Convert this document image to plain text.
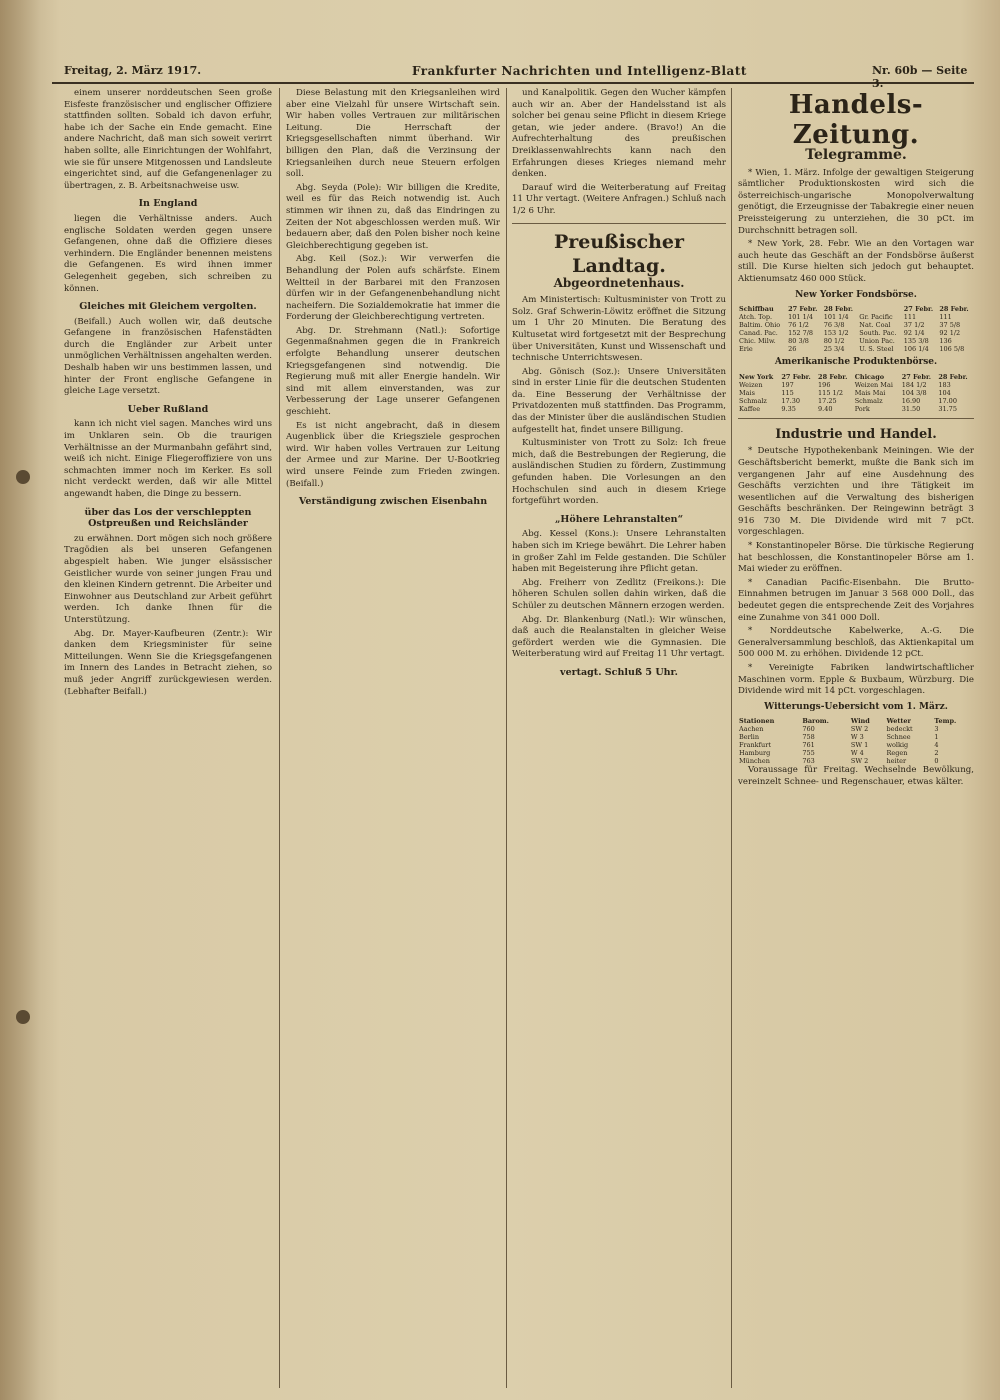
Freitag, 2. März 1917.	Frankfurter Nachrichten und Intelligenz-Blatt	Nr. 60b — Seite 3.

einem unserer norddeutschen Seen große Eisfeste französischer und englischer Offiziere stattfinden sollten. Sobald ich davon erfuhr, habe ich der Sache ein Ende gemacht. Eine andere Nachricht, daß man sich soweit verirrt haben sollte, alle Einrichtungen der Wohlfahrt, wie sie für unsere Mitgenossen und Landsleute eingerichtet sind, auf die Gefangenenlager zu übertragen, z. B. Arbeitsnachweise usw.

In England

liegen die Verhältnisse anders. Auch englische Soldaten werden gegen unsere Gefangenen, ohne daß die Offiziere dieses verhindern. Die Engländer benennen meistens die Gefangenen. Es wird ihnen immer Gelegenheit gegeben, sich schreiben zu können.

Gleiches mit Gleichem vergolten.

(Beifall.) Auch wollen wir, daß deutsche Gefangene in französischen Hafenstädten durch die Engländer zur Arbeit unter unmöglichen Verhältnissen angehalten werden. Deshalb haben wir uns bestimmen lassen, und hinter der Front englische Gefangene in gleiche Lage versetzt.

Ueber Rußland

kann ich nicht viel sagen. Manches wird uns im Unklaren sein. Ob die traurigen Verhältnisse an der Murmanbahn gefährt sind, weiß ich nicht. Einige Fliegeroffiziere von uns schmachten immer noch im Kerker. Es soll nicht verdeckt werden, daß wir alle Mittel angewandt haben, die Dinge zu bessern.

über das Los der verschleppten Ostpreußen und Reichsländer

zu erwähnen. Dort mögen sich noch größere Tragödien als bei unseren Gefangenen abgespielt haben. Wie junger elsässischer Geistlicher wurde von seiner jungen Frau und den kleinen Kindern getrennt. Die Arbeiter und Einwohner aus Deutschland zur Arbeit geführt werden. Ich danke Ihnen für die Unterstützung.

Abg. Dr. Mayer-Kaufbeuren (Zentr.): Wir danken dem Kriegsminister für seine Mitteilungen. Wenn Sie die Kriegsgefangenen im Innern des Landes in Betracht ziehen, so muß jeder Angriff zurückgewiesen werden. (Lebhafter Beifall.)

Diese Belastung mit den Kriegsanleihen wird aber eine Vielzahl für unsere Wirtschaft sein. Wir haben volles Vertrauen zur militärischen Leitung. Die Herrschaft der Kriegsgesellschaften nimmt überhand. Wir billigen den Plan, daß die Verzinsung der Kriegsanleihen durch neue Steuern erfolgen soll.

Abg. Seyda (Pole): Wir billigen die Kredite, weil es für das Reich notwendig ist. Auch stimmen wir ihnen zu, daß das Eindringen zu Zeiten der Not abgeschlossen werden muß. Wir bedauern aber, daß den Polen bisher noch keine Gleichberechtigung gegeben ist.

Abg. Keil (Soz.): Wir verwerfen die Behandlung der Polen aufs schärfste. Einem Weltteil in der Barbarei mit den Franzosen dürfen wir in der Gefangenenbehandlung nicht nacheifern. Die Sozialdemokratie hat immer die Forderung der Gleichberechtigung vertreten.

Abg. Dr. Strehmann (Natl.): Sofortige Gegenmaßnahmen gegen die in Frankreich erfolgte Behandlung unserer deutschen Kriegsgefangenen sind notwendig. Die Regierung muß mit aller Energie handeln. Wir sind mit allem einverstanden, was zur Verbesserung der Lage unserer Gefangenen geschieht.

Es ist nicht angebracht, daß in diesem Augenblick über die Kriegsziele gesprochen wird. Wir haben volles Vertrauen zur Leitung der Armee und zur Marine. Der U-Bootkrieg wird unsere Feinde zum Frieden zwingen. (Beifall.)

Verständigung zwischen Eisenbahn

und Kanalpolitik. Gegen den Wucher kämpfen auch wir an. Aber der Handelsstand ist als solcher bei genau seine Pflicht in diesem Kriege getan, wie jeder andere. (Bravo!) An die Aufrechterhaltung des preußischen Dreiklassenwahlrechts kann nach den Erfahrungen dieses Krieges niemand mehr denken.

Darauf wird die Weiterberatung auf Freitag 11 Uhr vertagt. (Weitere Anfragen.) Schluß nach 1/2 6 Uhr.

Preußischer Landtag.
Abgeordnetenhaus.

Am Ministertisch: Kultusminister von Trott zu Solz. Graf Schwerin-Löwitz eröffnet die Sitzung um 1 Uhr 20 Minuten. Die Beratung des Kultusetat wird fortgesetzt mit der Besprechung über Universitäten, Kunst und Wissenschaft und technische Unterrichtswesen.

Abg. Gönisch (Soz.): Unsere Universitäten sind in erster Linie für die deutschen Studenten da. Eine Besserung der Verhältnisse der Privatdozenten muß stattfinden. Das Programm, das der Minister über die ausländischen Studien aufgestellt hat, findet unsere Billigung.

Kultusminister von Trott zu Solz: Ich freue mich, daß die Bestrebungen der Regierung, die ausländischen Studien zu fördern, Zustimmung gefunden haben. Die Vorlesungen an den Hochschulen sind auch in diesem Kriege fortgeführt worden.

„Höhere Lehranstalten“

Abg. Kessel (Kons.): Unsere Lehranstalten haben sich im Kriege bewährt. Die Lehrer haben in großer Zahl im Felde gestanden. Die Schüler haben mit Begeisterung ihre Pflicht getan.

Abg. Freiherr von Zedlitz (Freikons.): Die höheren Schulen sollen dahin wirken, daß die Schüler zu deutschen Männern erzogen werden.

Abg. Dr. Blankenburg (Natl.): Wir wünschen, daß auch die Realanstalten in gleicher Weise gefördert werden wie die Gymnasien. Die Weiterberatung wird auf Freitag 11 Uhr vertagt.

vertagt. Schluß 5 Uhr.
Handels-Zeitung.
Telegramme.

* Wien, 1. März. Infolge der gewaltigen Steigerung sämtlicher Produktionskosten wird sich die österreichisch-ungarische Monopolverwaltung genötigt, die Erzeugnisse der Tabakregie einer neuen Preissteigerung zu unterziehen, die 30 pCt. im Durchschnitt betragen soll.

* New York, 28. Febr. Wie an den Vortagen war auch heute das Geschäft an der Fondsbörse äußerst still. Die Kurse hielten sich jedoch gut behauptet. Aktienumsatz 460 000 Stück.

New Yorker Fondsbörse.
Schiffbau	27 Febr.	28 Febr.		27 Febr.	28 Febr.
Atch. Top.	101 1/4	101 1/4	Gr. Pacific	111	111
Baltim. Ohio	76 1/2	76 3/8	Nat. Coal	37 1/2	37 5/8
Canad. Pac.	152 7/8	153 1/2	South. Pac.	92 1/4	92 1/2
Chic. Milw.	80 3/8	80 1/2	Union Pac.	135 3/8	136
Erie	26	25 3/4	U. S. Steel	106 1/4	106 5/8
Amerikanische Produktenbörse.
New York	27 Febr.	28 Febr.	Chicago	27 Febr.	28 Febr.
Weizen	197	196	Weizen Mai	184 1/2	183
Mais	115	115 1/2	Mais Mai	104 3/8	104
Schmalz	17.30	17.25	Schmalz	16.90	17.00
Kaffee	9.35	9.40	Pork	31.50	31.75
Industrie und Handel.

* Deutsche Hypothekenbank Meiningen. Wie der Geschäftsbericht bemerkt, mußte die Bank sich im vergangenen Jahr auf eine Ausdehnung des Geschäfts verzichten und ihre Tätigkeit im wesentlichen auf die Verwaltung des bisherigen Geschäfts beschränken. Der Reingewinn beträgt 3 916 730 M. Die Dividende wird mit 7 pCt. vorgeschlagen.

* Konstantinopeler Börse. Die türkische Regierung hat beschlossen, die Konstantinopeler Börse am 1. Mai wieder zu eröffnen.

* Canadian Pacific-Eisenbahn. Die Brutto-Einnahmen betrugen im Januar 3 568 000 Doll., das bedeutet gegen die entsprechende Zeit des Vorjahres eine Zunahme von 341 000 Doll.

* Norddeutsche Kabelwerke, A.-G. Die Generalversammlung beschloß, das Aktienkapital um 500 000 M. zu erhöhen. Dividende 12 pCt.

* Vereinigte Fabriken landwirtschaftlicher Maschinen vorm. Epple & Buxbaum, Würzburg. Die Dividende wird mit 14 pCt. vorgeschlagen.

Witterungs-Uebersicht vom 1. März.
Stationen	Barom.	Wind	Wetter	Temp.
Aachen	760	SW 2	bedeckt	3
Berlin	758	W 3	Schnee	1
Frankfurt	761	SW 1	wolkig	4
Hamburg	755	W 4	Regen	2
München	763	SW 2	heiter	0

Voraussage für Freitag. Wechselnde Bewölkung, vereinzelt Schnee- und Regenschauer, etwas kälter.
